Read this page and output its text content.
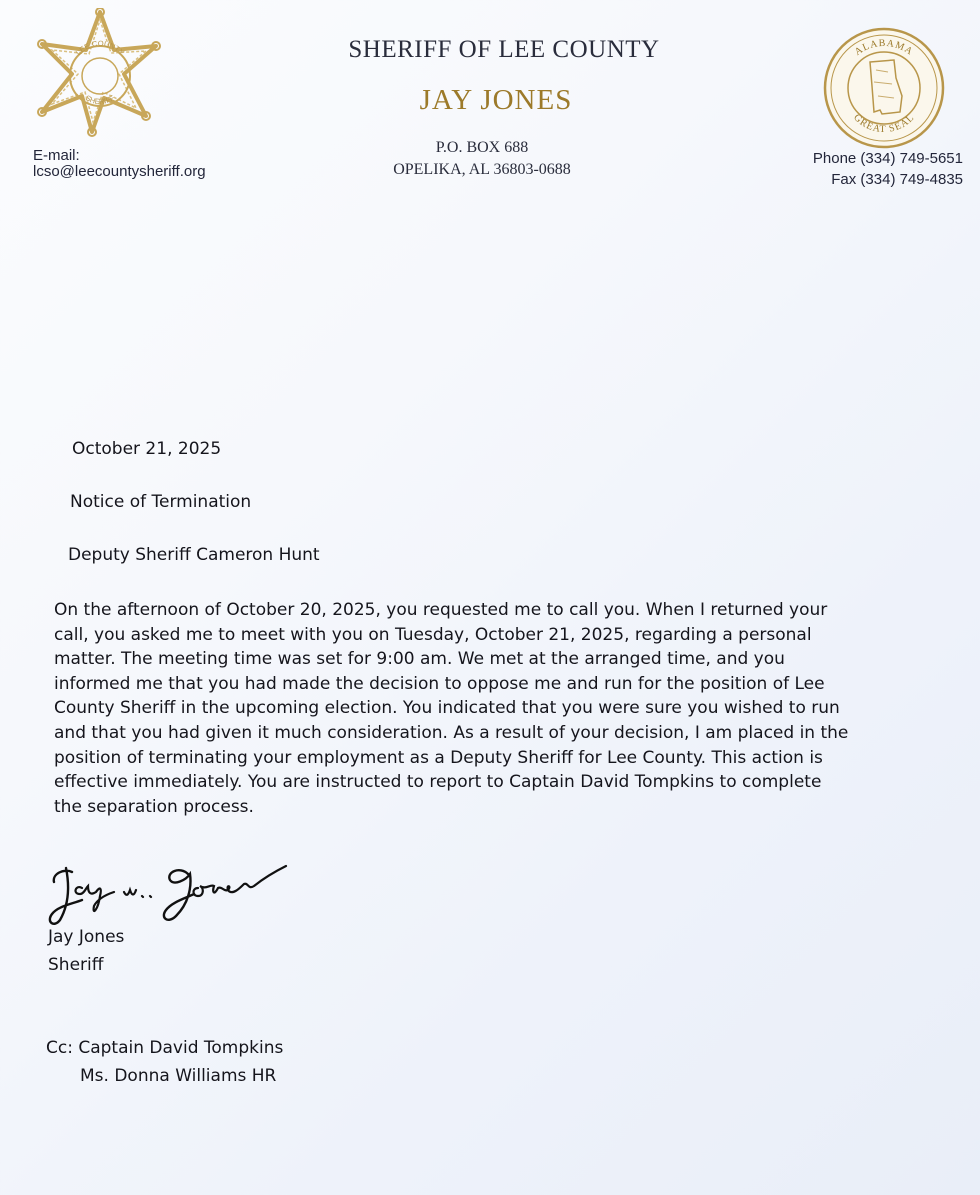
LEE COUNTY
SHERIFF
SHERIFF OF LEE COUNTY
JAY JONES
P.O. BOX 688
OPELIKA, AL 36803-0688
E-mail:
lcso@leecountysheriff.org
ALABAMA
GREAT SEAL
Phone (334) 749-5651
Fax (334) 749-4835
October 21, 2025
Notice of Termination
Deputy Sheriff Cameron Hunt
On the afternoon of October 20, 2025, you requested me to call you. When I returned your
call, you asked me to meet with you on Tuesday, October 21, 2025, regarding a personal
matter. The meeting time was set for 9:00 am. We met at the arranged time, and you
informed me that you had made the decision to oppose me and run for the position of Lee
County Sheriff in the upcoming election. You indicated that you were sure you wished to run
and that you had given it much consideration. As a result of your decision, I am placed in the
position of terminating your employment as a Deputy Sheriff for Lee County. This action is
effective immediately. You are instructed to report to Captain David Tompkins to complete
the separation process.
Jay W. Jones
Jay Jones
Sheriff
Cc: Captain David Tompkins
Ms. Donna Williams HR
